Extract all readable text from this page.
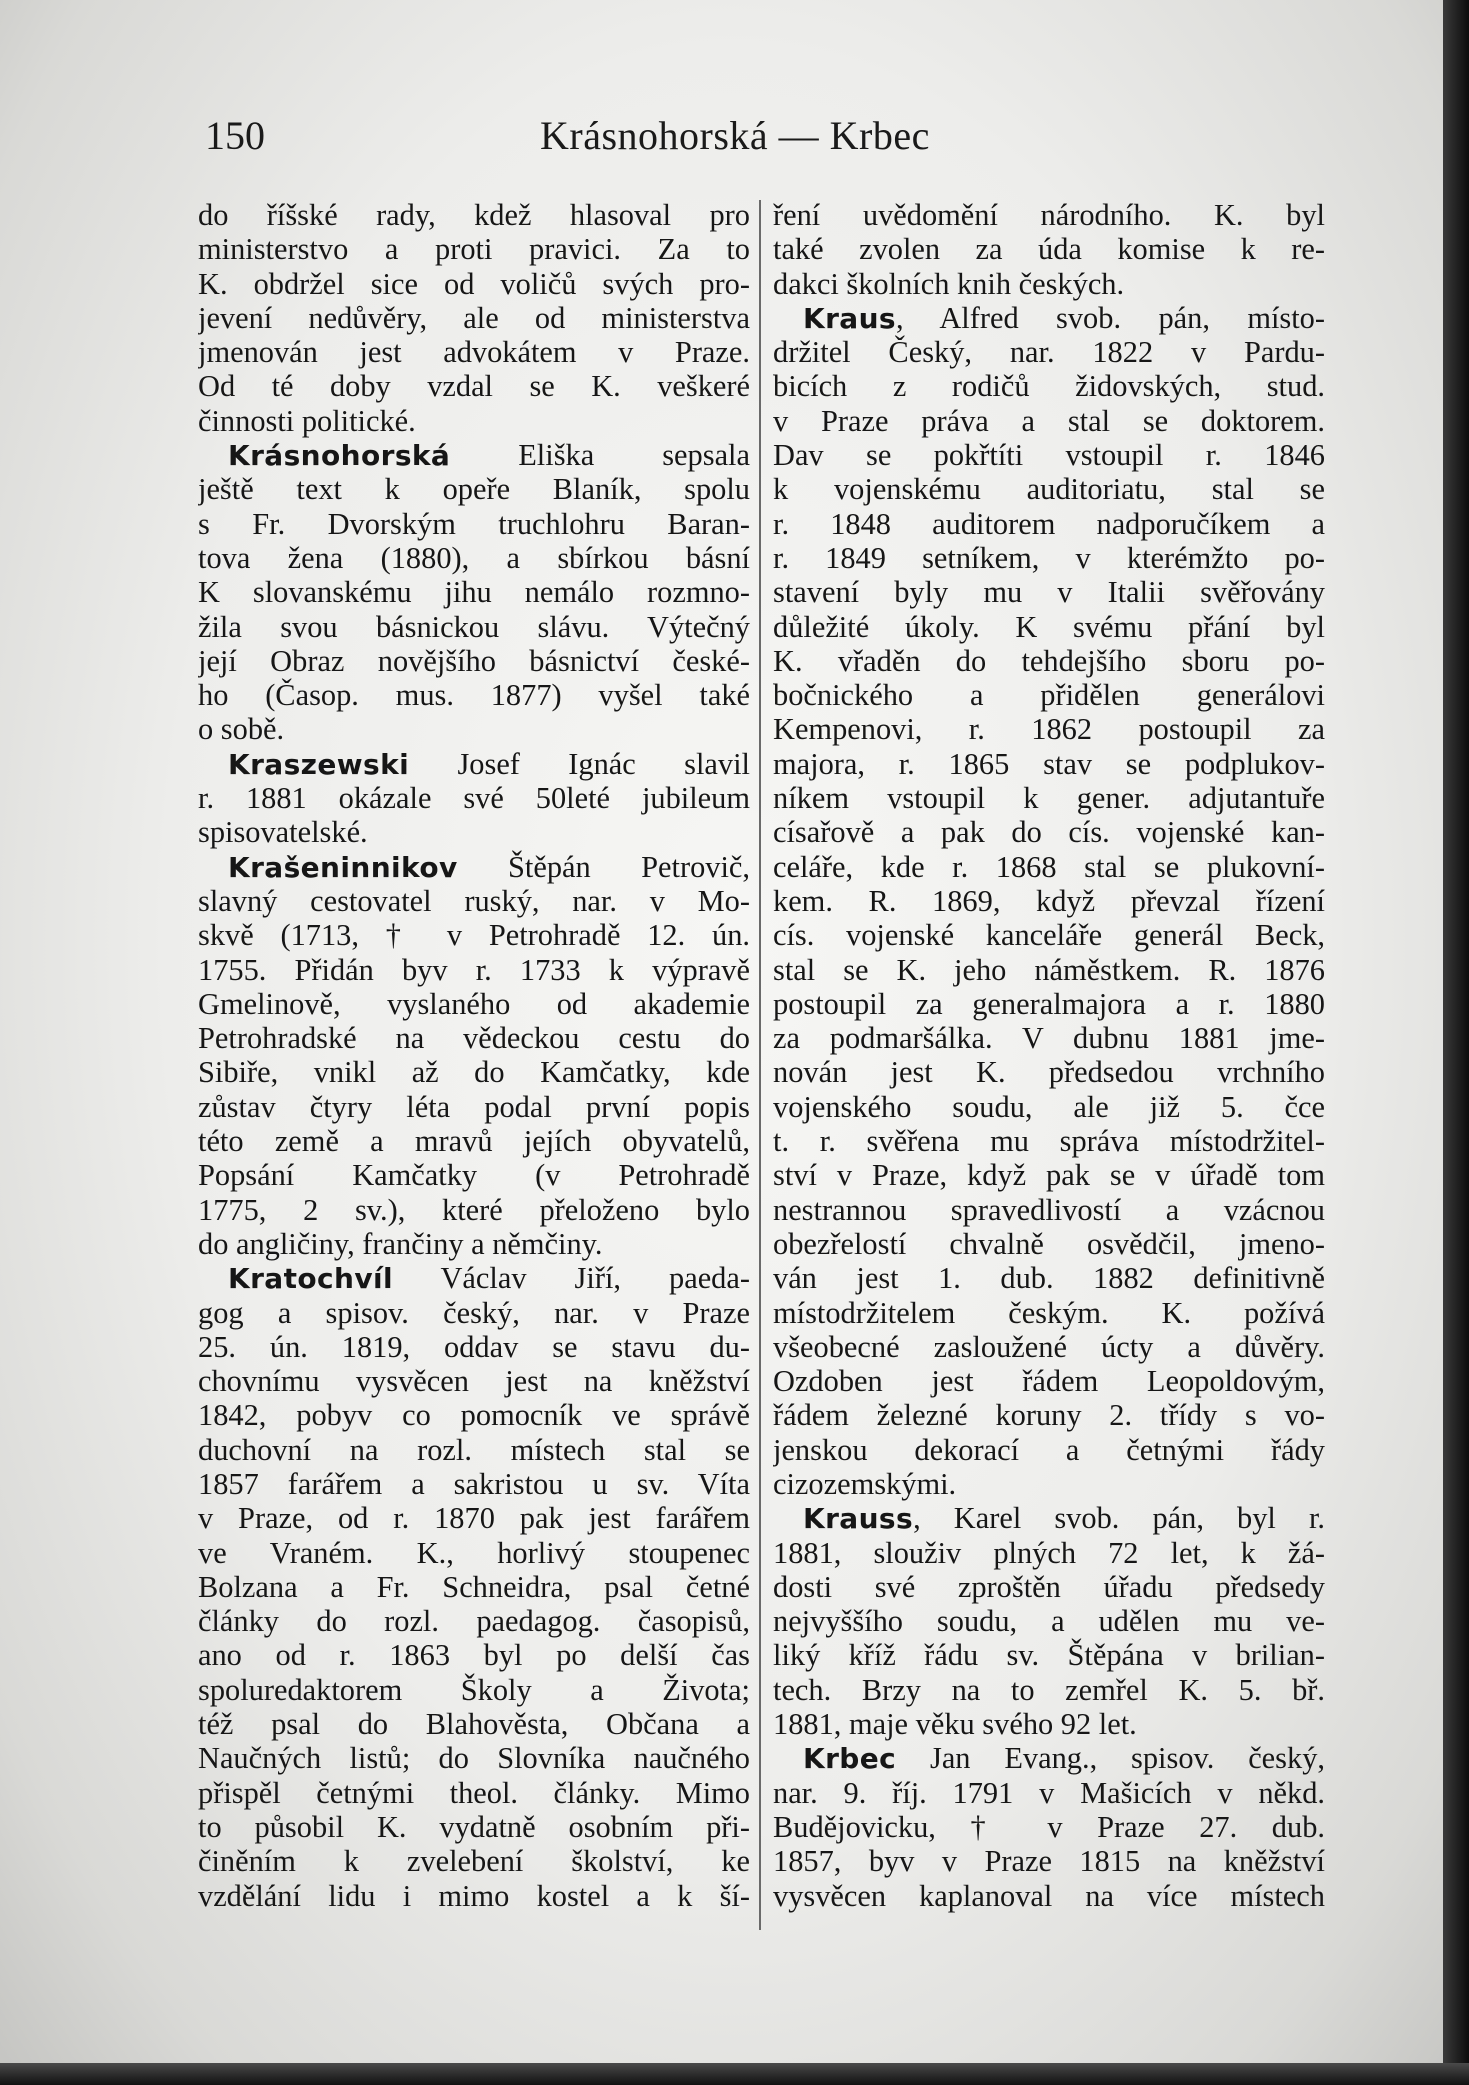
150	Krásnohorská — Krbec
do říšské rady, kdež hlasoval pro
ministerstvo a proti pravici. Za to
K. obdržel sice od voličů svých pro-
jevení nedůvěry, ale od ministerstva
jmenován jest advokátem v Praze.
Od té doby vzdal se K. veškeré
činnosti politické.
Krásnohorská Eliška sepsala
ještě text k opeře Blaník, spolu
s Fr. Dvorským truchlohru Baran-
tova žena (1880), a sbírkou básní
K slovanskému jihu nemálo rozmno-
žila svou básnickou slávu. Výtečný
její Obraz novějšího básnictví české-
ho (Časop. mus. 1877) vyšel také
o sobě.
Kraszewski Josef Ignác slavil
r. 1881 okázale své 50leté jubileum
spisovatelské.
Krašeninnikov Štěpán Petrovič,
slavný cestovatel ruský, nar. v Mo-
skvě (1713, † v Petrohradě 12. ún.
1755. Přidán byv r. 1733 k výpravě
Gmelinově, vyslaného od akademie
Petrohradské na vědeckou cestu do
Sibiře, vnikl až do Kamčatky, kde
zůstav čtyry léta podal první popis
této země a mravů jejích obyvatelů,
Popsání Kamčatky (v Petrohradě
1775, 2 sv.), které přeloženo bylo
do angličiny, frančiny a němčiny.
Kratochvíl Václav Jiří, paeda-
gog a spisov. český, nar. v Praze
25. ún. 1819, oddav se stavu du-
chovnímu vysvěcen jest na kněžství
1842, pobyv co pomocník ve správě
duchovní na rozl. místech stal se
1857 farářem a sakristou u sv. Víta
v Praze, od r. 1870 pak jest farářem
ve Vraném. K., horlivý stoupenec
Bolzana a Fr. Schneidra, psal četné
články do rozl. paedagog. časopisů,
ano od r. 1863 byl po delší čas
spoluredaktorem Školy a Života;
též psal do Blahověsta, Občana a
Naučných listů; do Slovníka naučného
přispěl četnými theol. články. Mimo
to působil K. vydatně osobním při-
činěním k zvelebení školství, ke
vzdělání lidu i mimo kostel a k ší-
ření uvědomění národního. K. byl
také zvolen za úda komise k re-
dakci školních knih českých.
Kraus, Alfred svob. pán, místo-
držitel Český, nar. 1822 v Pardu-
bicích z rodičů židovských, stud.
v Praze práva a stal se doktorem.
Dav se pokřtíti vstoupil r. 1846
k vojenskému auditoriatu, stal se
r. 1848 auditorem nadporučíkem a
r. 1849 setníkem, v kterémžto po-
stavení byly mu v Italii svěřovány
důležité úkoly. K svému přání byl
K. vřaděn do tehdejšího sboru po-
bočnického a přidělen generálovi
Kempenovi, r. 1862 postoupil za
majora, r. 1865 stav se podplukov-
níkem vstoupil k gener. adjutantuře
císařově a pak do cís. vojenské kan-
celáře, kde r. 1868 stal se plukovní-
kem. R. 1869, když převzal řízení
cís. vojenské kanceláře generál Beck,
stal se K. jeho náměstkem. R. 1876
postoupil za generalmajora a r. 1880
za podmaršálka. V dubnu 1881 jme-
nován jest K. předsedou vrchního
vojenského soudu, ale již 5. čce
t. r. svěřena mu správa místodržitel-
ství v Praze, když pak se v úřadě tom
nestrannou spravedlivostí a vzácnou
obezřelostí chvalně osvědčil, jmeno-
ván jest 1. dub. 1882 definitivně
místodržitelem českým. K. požívá
všeobecné zasloužené úcty a důvěry.
Ozdoben jest řádem Leopoldovým,
řádem železné koruny 2. třídy s vo-
jenskou dekorací a četnými řády
cizozemskými.
Krauss, Karel svob. pán, byl r.
1881, slouživ plných 72 let, k žá-
dosti své zproštěn úřadu předsedy
nejvyššího soudu, a udělen mu ve-
liký kříž řádu sv. Štěpána v brilian-
tech. Brzy na to zemřel K. 5. bř.
1881, maje věku svého 92 let.
Krbec Jan Evang., spisov. český,
nar. 9. říj. 1791 v Mašicích v někd.
Budějovicku, † v Praze 27. dub.
1857, byv v Praze 1815 na kněžství
vysvěcen kaplanoval na více místech
